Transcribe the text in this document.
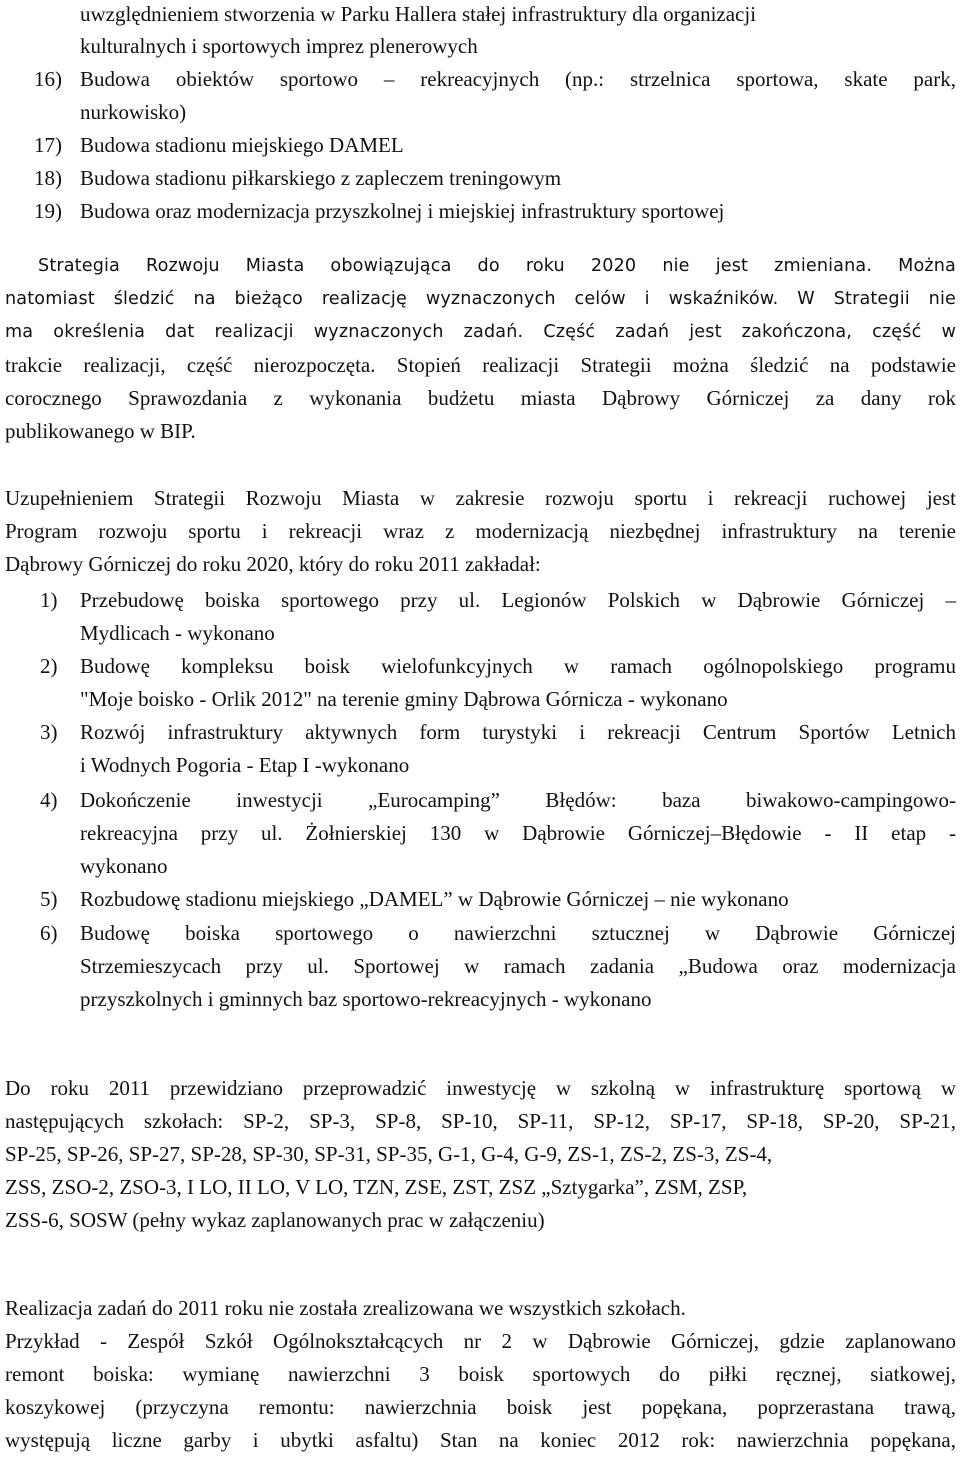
uwzględnieniem stworzenia w Parku Hallera stałej infrastruktury dla organizacji
kulturalnych i sportowych imprez plenerowych
16) Budowa obiektów sportowo – rekreacyjnych (np.: strzelnica sportowa, skate park,
nurkowisko)
17) Budowa stadionu miejskiego DAMEL
18) Budowa stadionu piłkarskiego z zapleczem treningowym
19) Budowa oraz modernizacja przyszkolnej i miejskiej infrastruktury sportowej
Strategia Rozwoju Miasta obowiązująca do roku 2020 nie jest zmieniana. Można
natomiast śledzić na bieżąco realizację wyznaczonych celów i wskaźników. W Strategii nie
ma określenia dat realizacji wyznaczonych zadań. Część zadań jest zakończona, część w
trakcie realizacji, część nierozpoczęta. Stopień realizacji Strategii można śledzić na podstawie
corocznego Sprawozdania z wykonania budżetu miasta Dąbrowy Górniczej za dany rok
publikowanego w BIP.
Uzupełnieniem Strategii Rozwoju Miasta w zakresie rozwoju sportu i rekreacji ruchowej jest
Program rozwoju sportu i rekreacji wraz z modernizacją niezbędnej infrastruktury na terenie
Dąbrowy Górniczej do roku 2020, który do roku 2011 zakładał:
1) Przebudowę boiska sportowego przy ul. Legionów Polskich w Dąbrowie Górniczej –
Mydlicach - wykonano
2) Budowę kompleksu boisk wielofunkcyjnych w ramach ogólnopolskiego programu
"Moje boisko - Orlik 2012" na terenie gminy Dąbrowa Górnicza - wykonano
3) Rozwój infrastruktury aktywnych form turystyki i rekreacji Centrum Sportów Letnich
i Wodnych Pogoria - Etap I -wykonano
4) Dokończenie inwestycji „Eurocamping” Błędów: baza biwakowo-campingowo-
rekreacyjna przy ul. Żołnierskiej 130 w Dąbrowie Górniczej–Błędowie - II etap -
wykonano
5) Rozbudowę stadionu miejskiego „DAMEL” w Dąbrowie Górniczej – nie wykonano
6) Budowę boiska sportowego o nawierzchni sztucznej w Dąbrowie Górniczej
Strzemieszycach przy ul. Sportowej w ramach zadania „Budowa oraz modernizacja
przyszkolnych i gminnych baz sportowo-rekreacyjnych - wykonano
Do roku 2011 przewidziano przeprowadzić inwestycję w szkolną w infrastrukturę sportową w
następujących szkołach: SP-2, SP-3, SP-8, SP-10, SP-11, SP-12, SP-17, SP-18, SP-20, SP-21,
SP-25, SP-26, SP-27, SP-28, SP-30, SP-31, SP-35, G-1, G-4, G-9, ZS-1, ZS-2, ZS-3, ZS-4,
ZSS, ZSO-2, ZSO-3, I LO, II LO, V LO, TZN, ZSE, ZST, ZSZ „Sztygarka”, ZSM, ZSP,
ZSS-6, SOSW (pełny wykaz zaplanowanych prac w załączeniu)
Realizacja zadań do 2011 roku nie została zrealizowana we wszystkich szkołach.
Przykład - Zespół Szkół Ogólnokształcących nr 2 w Dąbrowie Górniczej, gdzie zaplanowano
remont boiska: wymianę nawierzchni 3 boisk sportowych do piłki ręcznej, siatkowej,
koszykowej (przyczyna remontu: nawierzchnia boisk jest popękana, poprzerastana trawą,
występują liczne garby i ubytki asfaltu) Stan na koniec 2012 rok: nawierzchnia popękana,
